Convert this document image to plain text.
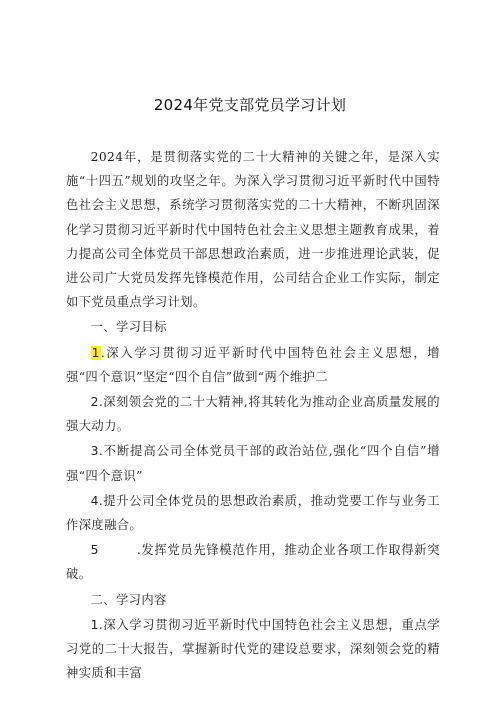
2024年党支部党员学习计划

2024年，是贯彻落实党的二十大精神的关键之年，是深入实施“十四五”规划的攻坚之年。为深入学习贯彻习近平新时代中国特色社会主义思想，系统学习贯彻落实党的二十大精神，不断巩固深化学习贯彻习近平新时代中国特色社会主义思想主题教育成果，着力提高公司全体党员干部思想政治素质，进一步推进理论武装，促进公司广大党员发挥先锋模范作用，公司结合企业工作实际，制定如下党员重点学习计划。

一、学习目标

1.深入学习贯彻习近平新时代中国特色社会主义思想，增强“四个意识”坚定“四个自信”做到“两个维护二

2.深刻领会党的二十大精神,将其转化为推动企业高质量发展的强大动力。

3.不断提高公司全体党员干部的政治站位,强化“四个自信”增强“四个意识”

4.提升公司全体党员的思想政治素质，推动党要工作与业务工作深度融合。

5	.发挥党员先锋模范作用，推动企业各项工作取得新突破。

二、学习内容

1.深入学习贯彻习近平新时代中国特色社会主义思想，重点学习党的二十大报告，掌握新时代党的建设总要求，深刻领会党的精神实质和丰富
